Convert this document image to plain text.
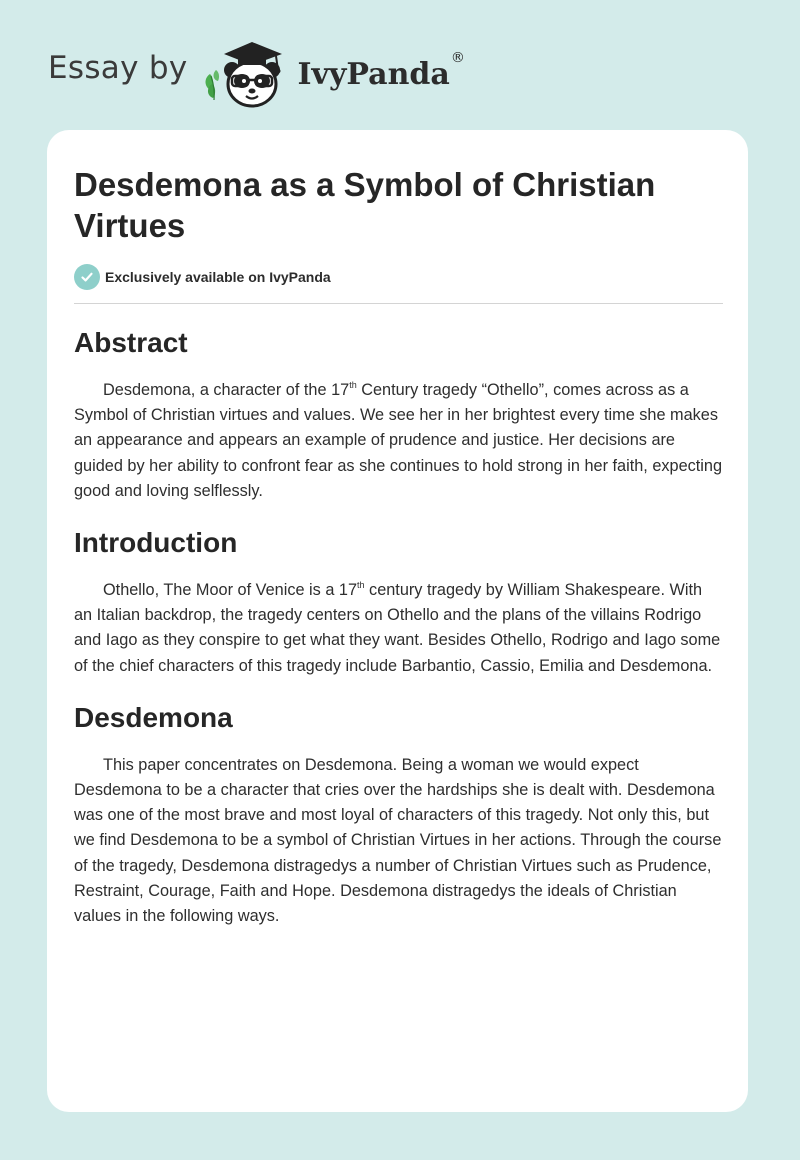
Essay by	IvyPanda ®
Desdemona as a Symbol of Christian Virtues
Exclusively available on IvyPanda
Abstract

Desdemona, a character of the 17th Century tragedy “Othello”, comes across as a Symbol of Christian virtues and values. We see her in her brightest every time she makes an appearance and appears an example of prudence and justice. Her decisions are guided by her ability to confront fear as she continues to hold strong in her faith, expecting good and loving selflessly.

Introduction

Othello, The Moor of Venice is a 17th century tragedy by William Shakespeare. With an Italian backdrop, the tragedy centers on Othello and the plans of the villains Rodrigo and Iago as they conspire to get what they want. Besides Othello, Rodrigo and Iago some of the chief characters of this tragedy include Barbantio, Cassio, Emilia and Desdemona.

Desdemona

This paper concentrates on Desdemona. Being a woman we would expect Desdemona to be a character that cries over the hardships she is dealt with. Desdemona was one of the most brave and most loyal of characters of this tragedy. Not only this, but we find Desdemona to be a symbol of Christian Virtues in her actions. Through the course of the tragedy, Desdemona distragedys a number of Christian Virtues such as Prudence, Restraint, Courage, Faith and Hope. Desdemona distragedys the ideals of Christian values in the following ways.
